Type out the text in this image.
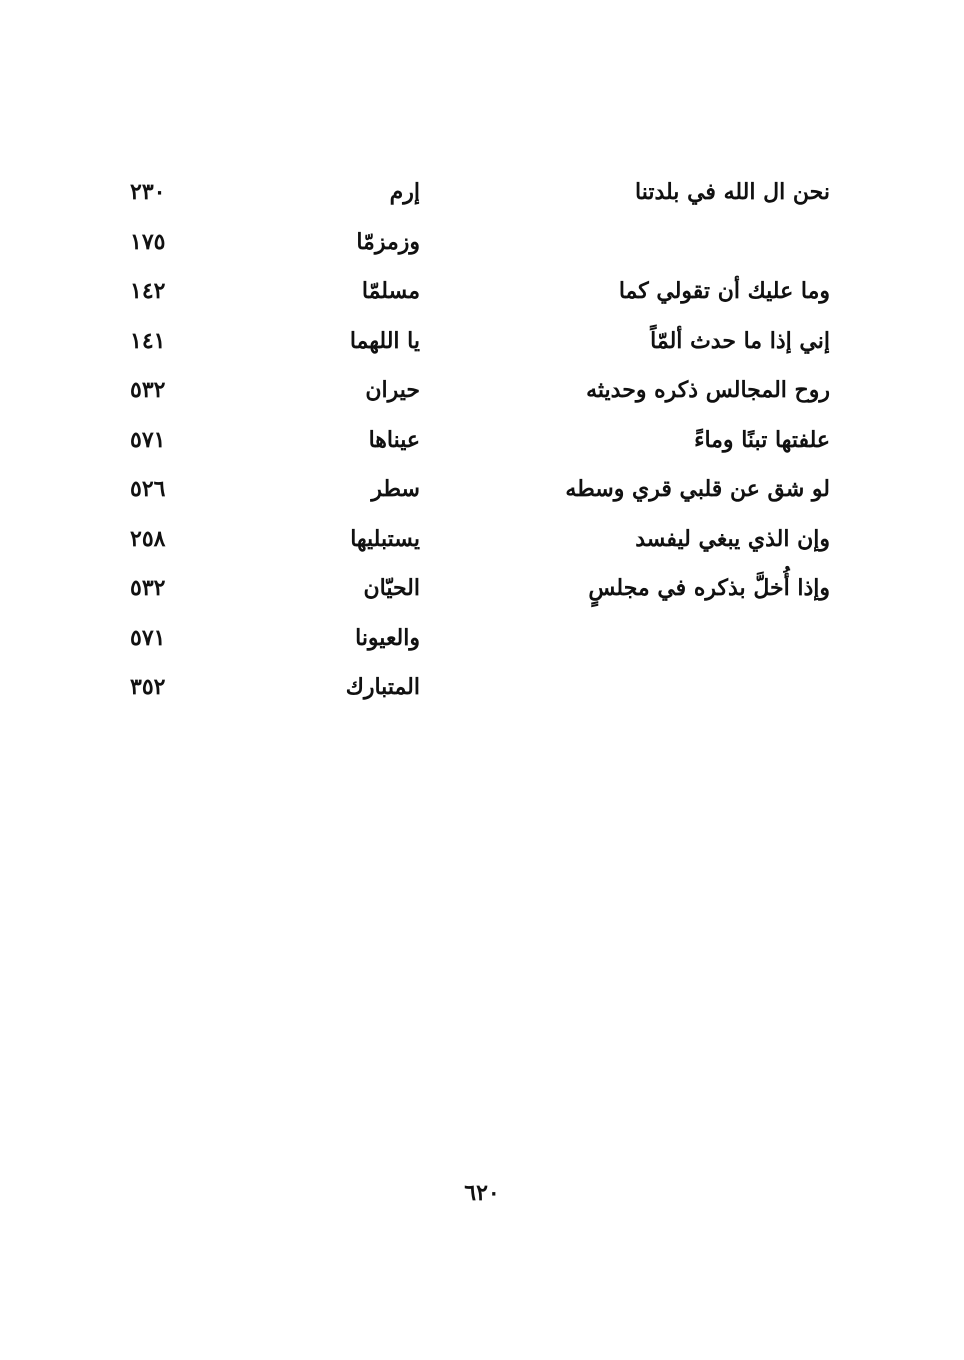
نحن ال الله في بلدتنا
إرم
٢٣٠
وزمزمّا
١٧٥
وما عليك أن تقولي كما
مسلمّا
١٤٢
إني إذا ما حدث ألمّاً
يا اللهما
١٤١
روح المجالس ذكره وحديثه
حيران
٥٣٢
علفتها تبنًا وماءً
عيناها
٥٧١
لو شق عن قلبي قري وسطه
سطر
٥٢٦
وإن الذي يبغي ليفسد
يستبليها
٢٥٨
وإذا أُخلَّ بذكره في مجلسٍ
الحيّان
٥٣٢
والعيونا
٥٧١
المتبارك
٣٥٢
٦٢٠
